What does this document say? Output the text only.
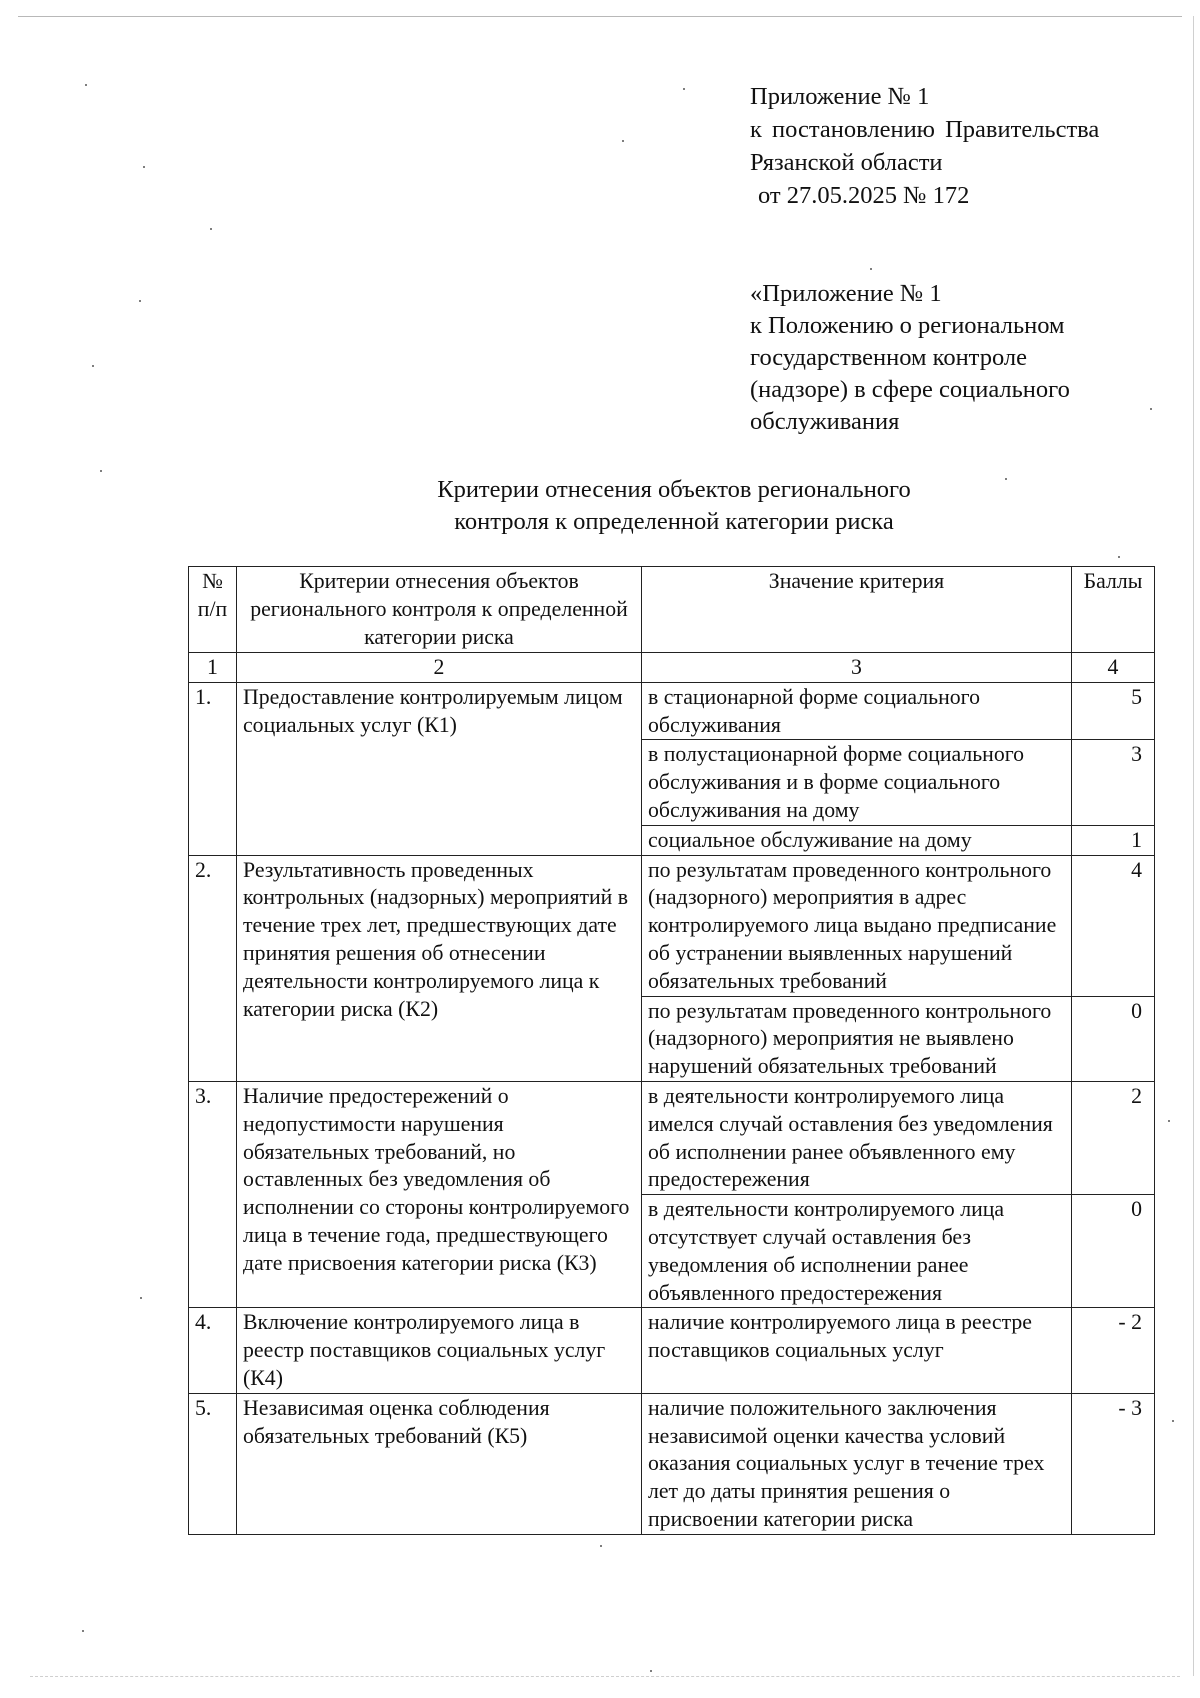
Приложение № 1
к постановлению Правительства
Рязанской области
от 27.05.2025 № 172
«Приложение № 1
к Положению о региональном
государственном контроле
(надзоре) в сфере социального
обслуживания
Критерии отнесения объектов регионального
контроля к определенной категории риска
№ п/п	Критерии отнесения объектов регионального контроля к определенной категории риска	Значение критерия	Баллы
1	2	3	4
1.	Предоставление контролируемым лицом социальных услуг (К1)	в стационарной форме социального обслуживания	5
		в полустационарной форме социального обслуживания и в форме социального обслуживания на дому	3
		социальное обслуживание на дому	1
2.	Результативность проведенных контрольных (надзорных) мероприятий в течение трех лет, предшествующих дате принятия решения об отнесении деятельности контролируемого лица к категории риска (К2)	по результатам проведенного контрольного (надзорного) мероприятия в адрес контролируемого лица выдано предписание об устранении выявленных нарушений обязательных требований	4
		по результатам проведенного контрольного (надзорного) мероприятия не выявлено нарушений обязательных требований	0
3.	Наличие предостережений о недопустимости нарушения обязательных требований, но оставленных без уведомления об исполнении со стороны контролируемого лица в течение года, предшествующего дате присвоения категории риска (К3)	в деятельности контролируемого лица имелся случай оставления без уведомления об исполнении ранее объявленного ему предостережения	2
		в деятельности контролируемого лица отсутствует случай оставления без уведомления об исполнении ранее объявленного предостережения	0
4.	Включение контролируемого лица в реестр поставщиков социальных услуг (К4)	наличие контролируемого лица в реестре поставщиков социальных услуг	- 2
5.	Независимая оценка соблюдения обязательных требований (К5)	наличие положительного заключения независимой оценки качества условий оказания социальных услуг в течение трех лет до даты принятия решения о присвоении категории риска	- 3
